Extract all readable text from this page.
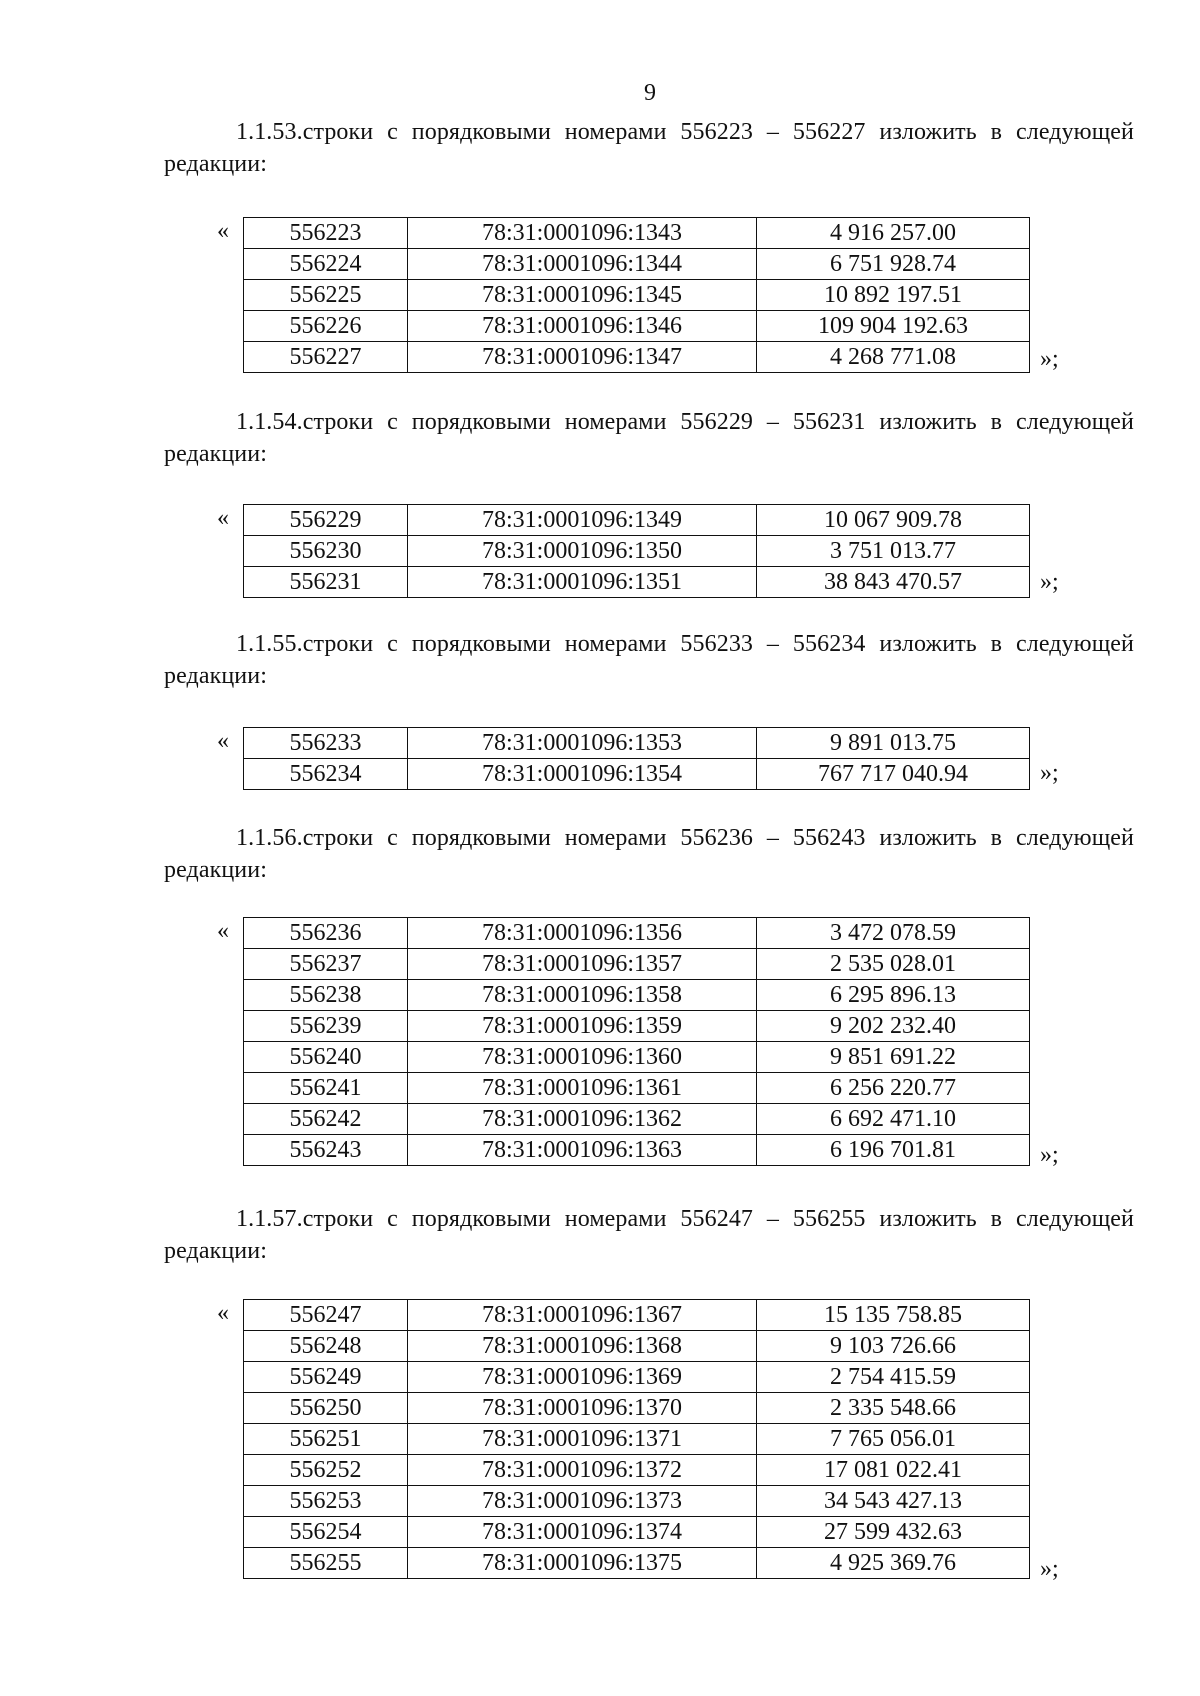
9
1.1.53.строки с порядковыми номерами 556223 – 556227 изложить в следующей редакции:
«	556223	78:31:0001096:1343	4 916 257.00
556224	78:31:0001096:1344	6 751 928.74
556225	78:31:0001096:1345	10 892 197.51
556226	78:31:0001096:1346	109 904 192.63
556227	78:31:0001096:1347	4 268 771.08	»;
1.1.54.строки с порядковыми номерами 556229 – 556231 изложить в следующей редакции:
«	556229	78:31:0001096:1349	10 067 909.78
556230	78:31:0001096:1350	3 751 013.77
556231	78:31:0001096:1351	38 843 470.57	»;
1.1.55.строки с порядковыми номерами 556233 – 556234 изложить в следующей редакции:
«	556233	78:31:0001096:1353	9 891 013.75
556234	78:31:0001096:1354	767 717 040.94	»;
1.1.56.строки с порядковыми номерами 556236 – 556243 изложить в следующей редакции:
«	556236	78:31:0001096:1356	3 472 078.59
556237	78:31:0001096:1357	2 535 028.01
556238	78:31:0001096:1358	6 295 896.13
556239	78:31:0001096:1359	9 202 232.40
556240	78:31:0001096:1360	9 851 691.22
556241	78:31:0001096:1361	6 256 220.77
556242	78:31:0001096:1362	6 692 471.10
556243	78:31:0001096:1363	6 196 701.81	»;
1.1.57.строки с порядковыми номерами 556247 – 556255 изложить в следующей редакции:
«	556247	78:31:0001096:1367	15 135 758.85
556248	78:31:0001096:1368	9 103 726.66
556249	78:31:0001096:1369	2 754 415.59
556250	78:31:0001096:1370	2 335 548.66
556251	78:31:0001096:1371	7 765 056.01
556252	78:31:0001096:1372	17 081 022.41
556253	78:31:0001096:1373	34 543 427.13
556254	78:31:0001096:1374	27 599 432.63
556255	78:31:0001096:1375	4 925 369.76	»;
